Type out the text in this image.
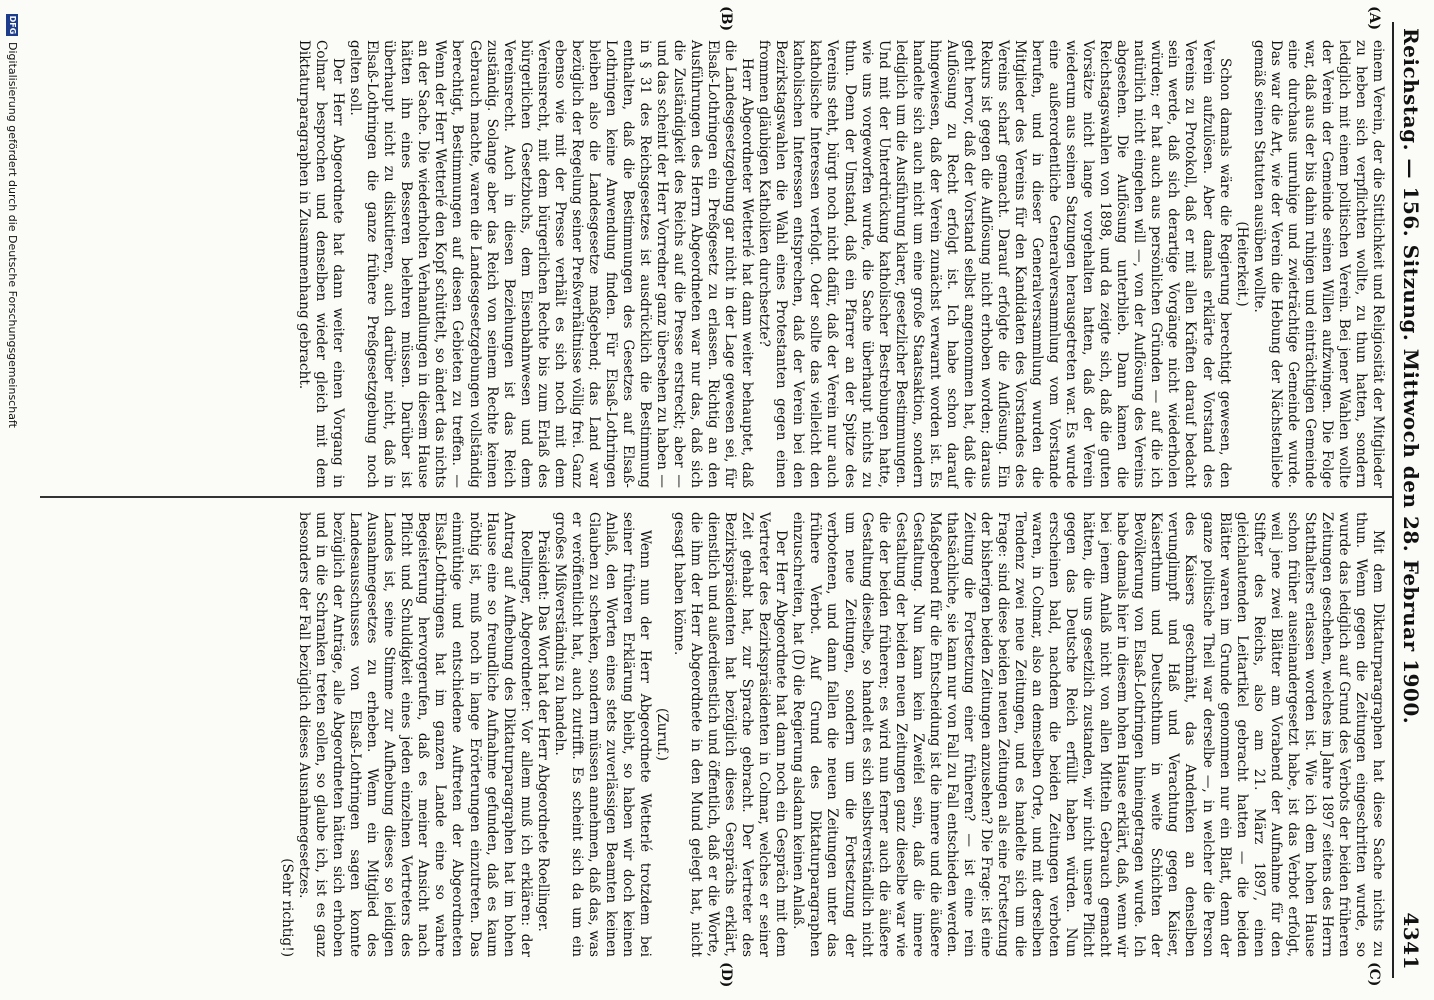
Reichstag. — 156. Sitzung. Mittwoch den 28. Februar 1900.
4341
(A)
(B)
(C)
(D)

einem Verein, der die Sittlichkeit und Religiosität der Mitglieder zu heben sich verpflichten wollte, zu thun hatten, sondern lediglich mit einem politischen Verein. Bei jener Wahlen wollte der Verein der Gemeinde seinen Willen aufzwingen. Die Folge war, daß aus der bis dahin ruhigen und einträchtigen Gemeinde eine durchaus unruhige und zwieträchtige Gemeinde wurde. Das war die Art, wie der Verein die Hebung der Nächstenliebe gemäß seinen Statuten ausüben wollte.

(Heiterkeit.)

Schon damals wäre die Regierung berechtigt gewesen, den Verein aufzulösen. Aber damals erklärte der Vorstand des Vereins zu Protokoll, daß er mit allen Kräften darauf bedacht sein werde, daß sich derartige Vorgänge nicht wiederholen würden; er hat auch aus persönlichen Gründen — auf die ich natürlich nicht eingehen will —, von der Auflösung des Vereins abgesehen. Die Auflösung unterblieb. Dann kamen die Reichstagswahlen von 1898, und da zeigte sich, daß die guten Vorsätze nicht lange vorgehalten hatten, daß der Verein wiederum aus seinen Satzungen herausgetreten war. Es wurde eine außerordentliche Generalversammlung vom Vorstande berufen, und in dieser Generalversammlung wurden die Mitglieder des Vereins für den Kandidaten des Vorstandes des Vereins scharf gemacht. Darauf erfolgte die Auflösung. Ein Rekurs ist gegen die Auflösung nicht erhoben worden; daraus geht hervor, daß der Vorstand selbst angenommen hat, daß die Auflösung zu Recht erfolgt ist. Ich habe schon darauf hingewiesen, daß der Verein zunächst verwarnt worden ist. Es handelte sich auch nicht um eine große Staatsaktion, sondern lediglich um die Ausführung klarer, gesetzlicher Bestimmungen. Und mit der Unterdrückung katholischer Bestrebungen hatte, wie uns vorgeworfen wurde, die Sache überhaupt nichts zu thun. Denn der Umstand, daß ein Pfarrer an der Spitze des Vereins steht, bürgt noch nicht dafür, daß der Verein nur auch katholische Interessen verfolgt. Oder sollte das vielleicht den katholischen Interessen entsprechen, daß der Verein bei den Bezirkstagswahlen die Wahl eines Protestanten gegen einen frommen gläubigen Katholiken durchsetzte?

Herr Abgeordneter Wetterlé hat dann weiter behauptet, daß die Landesgesetzgebung gar nicht in der Lage gewesen sei, für Elsaß-Lothringen ein Preßgesetz zu erlassen. Richtig an den Ausführungen des Herrn Abgeordneten war nur das, daß sich die Zuständigkeit des Reichs auf die Presse erstreckt; aber — und das scheint der Herr Vorredner ganz übersehen zu haben — in § 31 des Reichsgesetzes ist ausdrücklich die Bestimmung enthalten, daß die Bestimmungen des Gesetzes auf Elsaß-Lothringen keine Anwendung finden. Für Elsaß-Lothringen bleiben also die Landesgesetze maßgebend; das Land war bezüglich der Regelung seiner Preßverhältnisse völlig frei. Ganz ebenso wie mit der Presse verhält es sich noch mit dem Vereinsrecht, mit dem bürgerlichen Rechte bis zum Erlaß des bürgerlichen Gesetzbuchs, dem Eisenbahnwesen und dem Vereinsrecht. Auch in diesen Beziehungen ist das Reich zuständig. Solange aber das Reich von seinem Rechte keinen Gebrauch machte, waren die Landesgesetzgebungen vollständig berechtigt, Bestimmungen auf diesen Gebieten zu treffen. — Wenn der Herr Wetterlé den Kopf schüttelt, so ändert das nichts an der Sache. Die wiederholten Verhandlungen in diesem Hause hätten ihn eines Besseren belehren müssen. Darüber ist überhaupt nicht zu diskutieren, auch darüber nicht, daß in Elsaß-Lothringen die ganze frühere Preßgesetzgebung noch gelten soll.

Der Herr Abgeordnete hat dann weiter einen Vorgang in Colmar besprochen und denselben wieder gleich mit dem Diktaturparagraphen in Zusammenhang gebracht.

Mit dem Diktaturparagraphen hat diese Sache nichts zu thun. Wenn gegen die Zeitungen eingeschritten wurde, so wurde das lediglich auf Grund des Verbots der beiden früheren Zeitungen geschehen, welches im Jahre 1897 seitens des Herrn Statthalters erlassen worden ist. Wie ich dem hohen Hause schon früher auseinandergesetzt habe, ist das Verbot erfolgt, weil jene zwei Blätter am Vorabend der Aufnahme für den Stifter des Reichs, also am 21. März 1897, einen gleichlautenden Leitartikel gebracht hatten — die beiden Blätter waren im Grunde genommen nur ein Blatt, denn der ganze politische Theil war derselbe —, in welcher die Person des Kaisers geschmäht, das Andenken an denselben verunglimpft und Haß und Verachtung gegen Kaiser, Kaiserthum und Deutschthum in weite Schichten der Bevölkerung von Elsaß-Lothringen hineingetragen wurde. Ich habe damals hier in diesem hohen Hause erklärt, daß, wenn wir bei jenem Anlaß nicht von allen Mitteln Gebrauch gemacht hätten, die uns gesetzlich zustanden, wir nicht unsere Pflicht gegen das Deutsche Reich erfüllt haben würden. Nun erscheinen bald, nachdem die beiden Zeitungen verboten waren, in Colmar, also an demselben Orte, und mit derselben Tendenz zwei neue Zeitungen, und es handelte sich um die Frage: sind diese beiden neuen Zeitungen als eine Fortsetzung der bisherigen beiden Zeitungen anzusehen? Die Frage: ist eine Zeitung die Fortsetzung einer früheren? — ist eine rein thatsächliche, sie kann nur von Fall zu Fall entschieden werden. Maßgebend für die Entscheidung ist die innere und die äußere Gestaltung. Nun kann kein Zweifel sein, daß die innere Gestaltung der beiden neuen Zeitungen ganz dieselbe war wie die der beiden früheren; es wird nun ferner auch die äußere Gestaltung dieselbe, so handelt es sich selbstverständlich nicht um neue Zeitungen, sondern um die Fortsetzung der verbotenen, und dann fallen die neuen Zeitungen unter das frühere Verbot. Auf Grund des Diktaturparagraphen einzuschreiten, hat (D) die Regierung alsdann keinen Anlaß.

Der Herr Abgeordnete hat dann noch ein Gespräch mit dem Vertreter des Bezirkspräsidenten in Colmar, welches er seiner Zeit gehabt hat, zur Sprache gebracht. Der Vertreter des Bezirkspräsidenten hat bezüglich dieses Gesprächs erklärt, dienstlich und außerdienstlich und öffentlich, daß er die Worte, die ihm der Herr Abgeordnete in den Mund gelegt hat, nicht gesagt haben könne.

(Zuruf.)

Wenn nun der Herr Abgeordnete Wetterlé trotzdem bei seiner früheren Erklärung bleibt, so haben wir doch keinen Anlaß, den Worten eines stets zuverlässigen Beamten keinen Glauben zu schenken, sondern müssen annehmen, daß das, was er veröffentlicht hat, auch zutrifft. Es scheint sich da um ein großes Mißverständnis zu handeln.

Präsident: Das Wort hat der Herr Abgeordnete Roellinger.

Roellinger, Abgeordneter: Vor allem muß ich erklären: der Antrag auf Aufhebung des Diktaturparagraphen hat im hohen Hause eine so freundliche Aufnahme gefunden, daß es kaum nöthig ist, muß noch in lange Erörterungen einzutreten. Das einmüthige und entschiedene Auftreten der Abgeordneten Elsaß-Lothringens hat im ganzen Lande eine so wahre Begeisterung hervorgerufen, daß es meiner Ansicht nach Pflicht und Schuldigkeit eines jeden einzelnen Vertreters des Landes ist, seine Stimme zur Aufhebung dieses so leidigen Ausnahmegesetzes zu erheben. Wenn ein Mitglied des Landesausschusses von Elsaß-Lothringen sagen konnte bezüglich der Anträge, alle Abgeordneten hätten sich erhoben und in die Schranken treten sollen, so glaube ich, ist es ganz besonders der Fall bezüglich dieses Ausnahmegesetzes.

(Sehr richtig!)

DFG
Digitalisierung gefördert durch die Deutsche Forschungsgemeinschaft
